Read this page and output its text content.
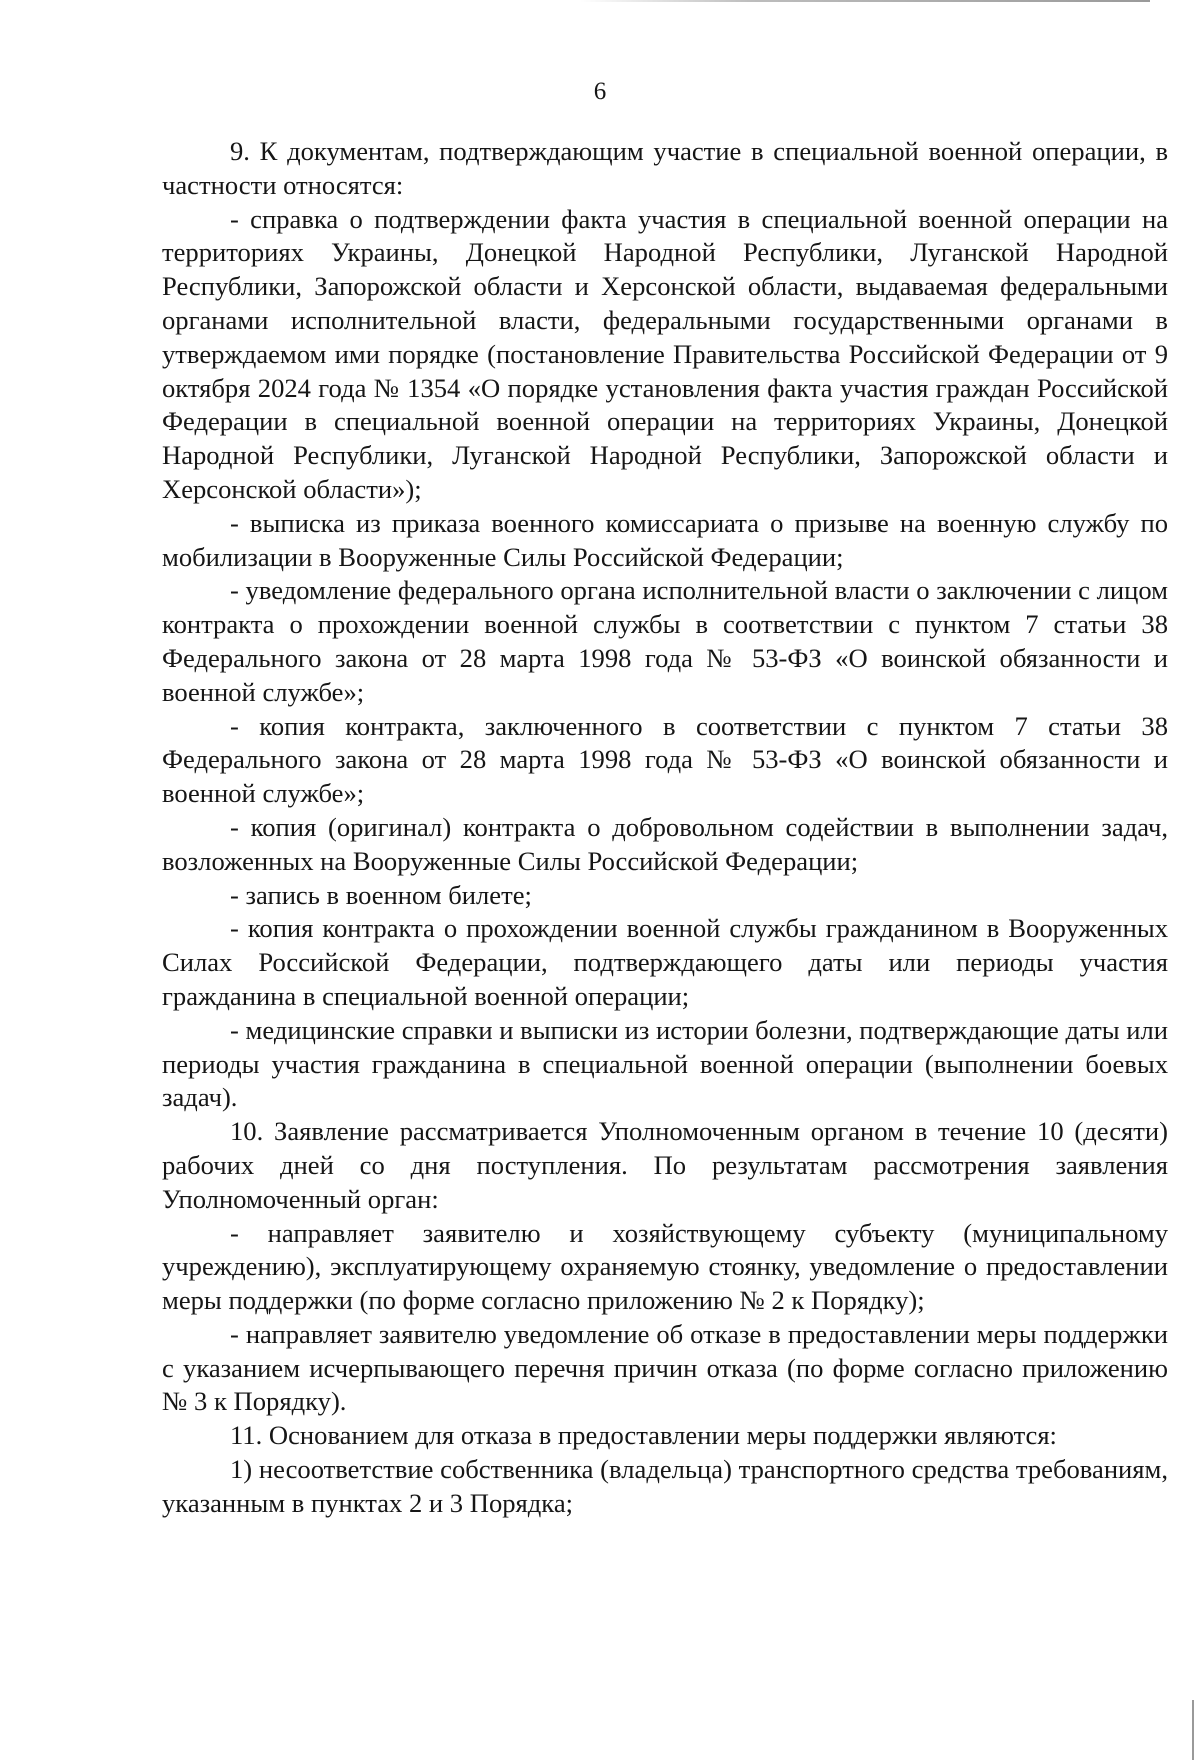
6

9. К документам, подтверждающим участие в специальной военной операции, в частности относятся:

- справка о подтверждении факта участия в специальной военной операции на территориях Украины, Донецкой Народной Республики, Луганской Народной Республики, Запорожской области и Херсонской области, выдаваемая федеральными органами исполнительной власти, федеральными государственными органами в утверждаемом ими порядке (постановление Правительства Российской Федерации от 9 октября 2024 года № 1354 «О порядке установления факта участия граждан Российской Федерации в специальной военной операции на территориях Украины, Донецкой Народной Республики, Луганской Народной Республики, Запорожской области и Херсонской области»);

- выписка из приказа военного комиссариата о призыве на военную службу по мобилизации в Вооруженные Силы Российской Федерации;

- уведомление федерального органа исполнительной власти о заключении с лицом контракта о прохождении военной службы в соответствии с пунктом 7 статьи 38 Федерального закона от 28 марта 1998 года № 53-ФЗ «О воинской обязанности и военной службе»;

- копия контракта, заключенного в соответствии с пунктом 7 статьи 38 Федерального закона от 28 марта 1998 года № 53-ФЗ «О воинской обязанности и военной службе»;

- копия (оригинал) контракта о добровольном содействии в выполнении задач, возложенных на Вооруженные Силы Российской Федерации;

- запись в военном билете;

- копия контракта о прохождении военной службы гражданином в Вооруженных Силах Российской Федерации, подтверждающего даты или периоды участия гражданина в специальной военной операции;

- медицинские справки и выписки из истории болезни, подтверждающие даты или периоды участия гражданина в специальной военной операции (выполнении боевых задач).

10. Заявление рассматривается Уполномоченным органом в течение 10 (десяти) рабочих дней со дня поступления. По результатам рассмотрения заявления Уполномоченный орган:

- направляет заявителю и хозяйствующему субъекту (муниципальному учреждению), эксплуатирующему охраняемую стоянку, уведомление о предоставлении меры поддержки (по форме согласно приложению № 2 к Порядку);

- направляет заявителю уведомление об отказе в предоставлении меры поддержки с указанием исчерпывающего перечня причин отказа (по форме согласно приложению № 3 к Порядку).

11. Основанием для отказа в предоставлении меры поддержки являются:

1) несоответствие собственника (владельца) транспортного средства требованиям, указанным в пунктах 2 и 3 Порядка;
